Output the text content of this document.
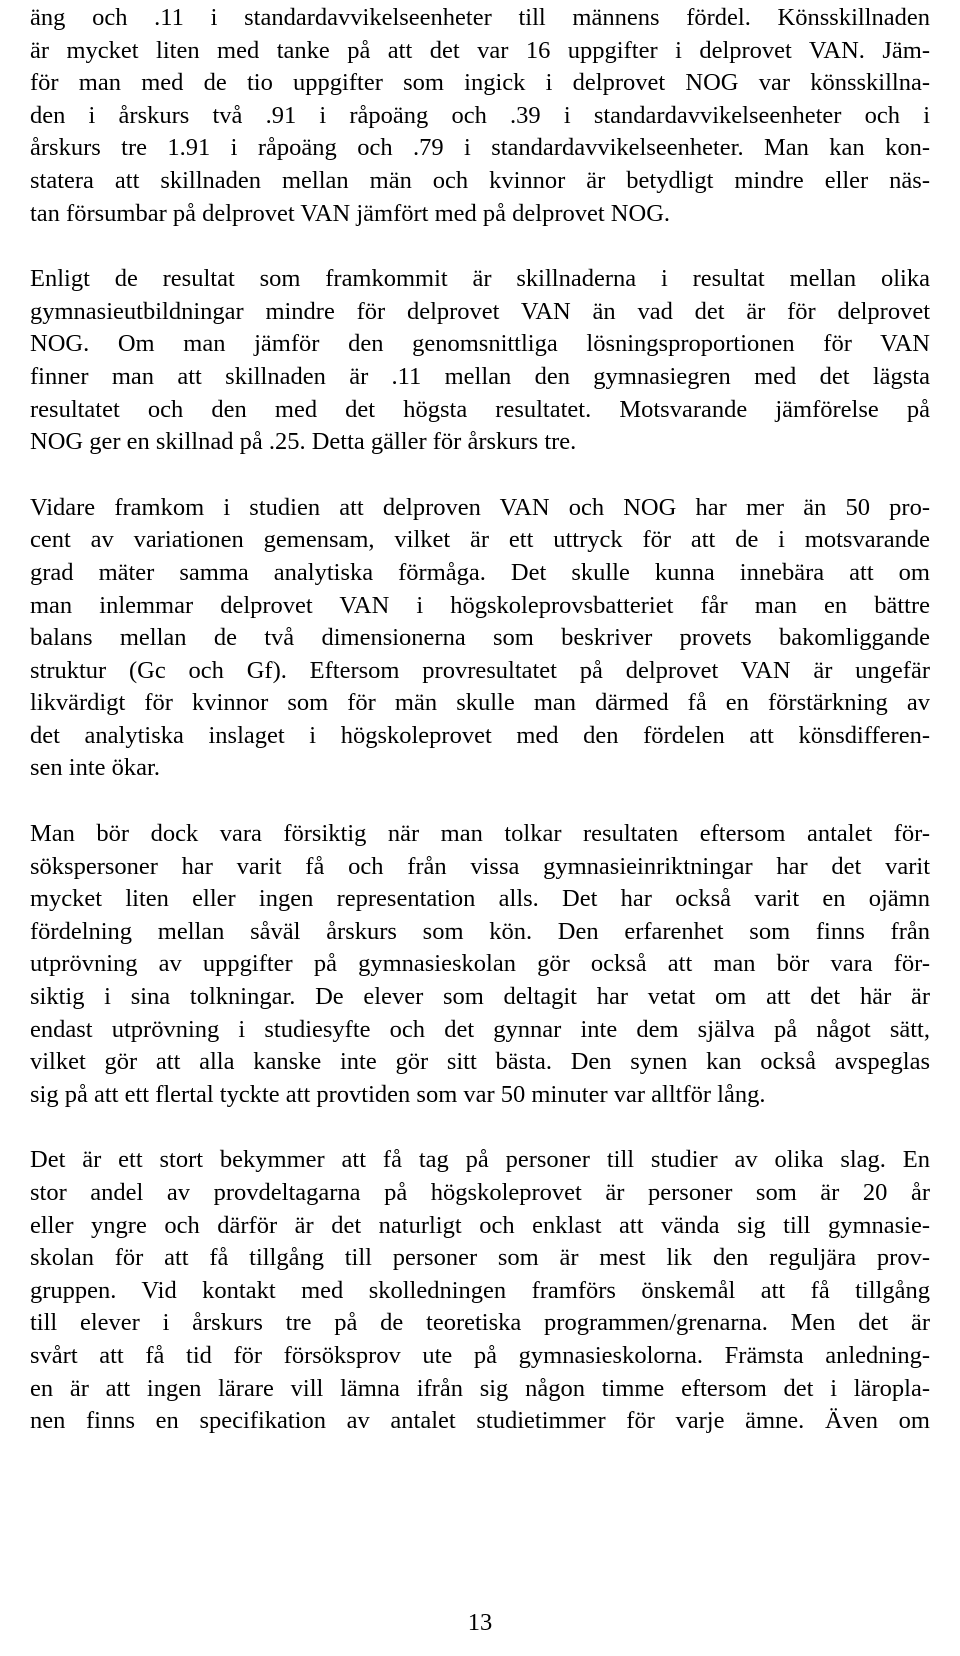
äng och .11 i standardavvikelseenheter till männens fördel. Könsskillnaden
är mycket liten med tanke på att det var 16 uppgifter i delprovet VAN. Jäm-
för man med de tio uppgifter som ingick i delprovet NOG var könsskillna-
den i årskurs två .91 i råpoäng och .39 i standardavvikelseenheter och i
årskurs tre 1.91 i råpoäng och .79 i standardavvikelseenheter. Man kan kon-
statera att skillnaden mellan män och kvinnor är betydligt mindre eller näs-
tan försumbar på delprovet VAN jämfört med på delprovet NOG.
Enligt de resultat som framkommit är skillnaderna i resultat mellan olika
gymnasieutbildningar mindre för delprovet VAN än vad det är för delprovet
NOG. Om man jämför den genomsnittliga lösningsproportionen för VAN
finner man att skillnaden är .11 mellan den gymnasiegren med det lägsta
resultatet och den med det högsta resultatet. Motsvarande jämförelse på
NOG ger en skillnad på .25. Detta gäller för årskurs tre.
Vidare framkom i studien att delproven VAN och NOG har mer än 50 pro-
cent av variationen gemensam, vilket är ett uttryck för att de i motsvarande
grad mäter samma analytiska förmåga. Det skulle kunna innebära att om
man inlemmar delprovet VAN i högskoleprovsbatteriet får man en bättre
balans mellan de två dimensionerna som beskriver provets bakomliggande
struktur (Gc och Gf). Eftersom provresultatet på delprovet VAN är ungefär
likvärdigt för kvinnor som för män skulle man därmed få en förstärkning av
det analytiska inslaget i högskoleprovet med den fördelen att könsdifferen-
sen inte ökar.
Man bör dock vara försiktig när man tolkar resultaten eftersom antalet för-
sökspersoner har varit få och från vissa gymnasieinriktningar har det varit
mycket liten eller ingen representation alls. Det har också varit en ojämn
fördelning mellan såväl årskurs som kön. Den erfarenhet som finns från
utprövning av uppgifter på gymnasieskolan gör också att man bör vara för-
siktig i sina tolkningar. De elever som deltagit har vetat om att det här är
endast utprövning i studiesyfte och det gynnar inte dem själva på något sätt,
vilket gör att alla kanske inte gör sitt bästa. Den synen kan också avspeglas
sig på att ett flertal tyckte att provtiden som var 50 minuter var alltför lång.
Det är ett stort bekymmer att få tag på personer till studier av olika slag. En
stor andel av provdeltagarna på högskoleprovet är personer som är 20 år
eller yngre och därför är det naturligt och enklast att vända sig till gymnasie-
skolan för att få tillgång till personer som är mest lik den reguljära prov-
gruppen. Vid kontakt med skolledningen framförs önskemål att få tillgång
till elever i årskurs tre på de teoretiska programmen/grenarna. Men det är
svårt att få tid för försöksprov ute på gymnasieskolorna. Främsta anledning-
en är att ingen lärare vill lämna ifrån sig någon timme eftersom det i läropla-
nen finns en specifikation av antalet studietimmer för varje ämne. Även om
13
